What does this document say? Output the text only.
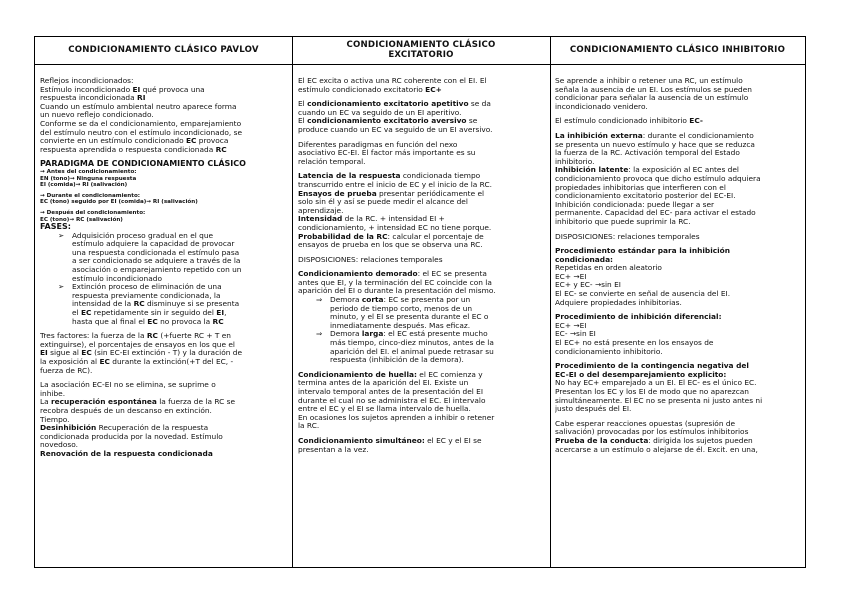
CONDICIONAMIENTO CLÁSICO PAVLOV	CONDICIONAMIENTO CLÁSICO
EXCITATORIO	CONDICIONAMIENTO CLÁSICO INHIBITORIO

Reflejos incondicionados:

Estímulo incondicionado EI qué provoca una

respuesta incondicionada RI

Cuando un estímulo ambiental neutro aparece forma

un nuevo reflejo condicionado.

Conforme se da el condicionamiento, emparejamiento

del estímulo neutro con el estímulo incondicionado, se

convierte en un estímulo condicionado EC provoca

respuesta aprendida o respuesta condicionada RC

PARADIGMA DE CONDICIONAMIENTO CLÁSICO

→ Antes del condicionamiento:

EN (tono)→ Ninguna respuesta

EI (comida)→ RI (salivación)

→ Durante el condicionamiento:

EC (tono) seguido por EI (comida)→ RI (salivación)

→ Después del condicionamiento:

EC (tono)→ RC (salivación)

FASES:

➢ Adquisición proceso gradual en el que

estímulo adquiere la capacidad de provocar

una respuesta condicionada el estímulo pasa

a ser condicionado se adquiere a través de la

asociación o emparejamiento repetido con un

estímulo incondicionado

➢ Extinción proceso de eliminación de una

respuesta previamente condicionada, la

intensidad de la RC disminuye si se presenta

el EC repetidamente sin ir seguido del EI,

hasta que al final el EC no provoca la RC

Tres factores: la fuerza de la RC (+fuerte RC + T en

extinguirse), el porcentajes de ensayos en los que el

EI sigue al EC (sin EC-EI extinción - T) y la duración de

la exposición al EC durante la extinción(+T del EC, -

fuerza de RC).

La asociación EC-EI no se elimina, se suprime o

inhibe.

La recuperación espontánea la fuerza de la RC se

recobra después de un descanso en extinción.

Tiempo.

Desinhibición Recuperación de la respuesta

condicionada producida por la novedad. Estímulo

novedoso.

Renovación de la respuesta condicionada

El EC excita o activa una RC coherente con el EI. El

estímulo condicionado excitatorio EC+

El condicionamiento excitatorio apetitivo se da

cuando un EC va seguido de un EI aperitivo.

El condicionamiento excitatorio aversivo se

produce cuando un EC va seguido de un EI aversivo.

Diferentes paradigmas en función del nexo

asociativo EC-EI. El factor más importante es su

relación temporal.

Latencia de la respuesta condicionada tiempo

transcurrido entre el inicio de EC y el inicio de la RC.

Ensayos de prueba presentar periódicamente el

solo sin él y así se puede medir el alcance del

aprendizaje.

Intensidad de la RC. + intensidad EI +

condicionamiento, + intensidad EC no tiene porque.

Probabilidad de la RC: calcular el porcentaje de

ensayos de prueba en los que se observa una RC.

DISPOSICIONES: relaciones temporales

Condicionamiento demorado: el EC se presenta

antes que EI, y la terminación del EC coincide con la

aparición del EI o durante la presentación del mismo.

⇒ Demora corta: EC se presenta por un

periodo de tiempo corto, menos de un

minuto, y el EI se presenta durante el EC o

inmediatamente después. Mas eficaz.

⇒ Demora larga: el EC está presente mucho

más tiempo, cinco-diez minutos, antes de la

aparición del EI. el animal puede retrasar su

respuesta (inhibición de la demora).

Condicionamiento de huella: el EC comienza y

termina antes de la aparición del EI. Existe un

intervalo temporal antes de la presentación del EI

durante el cual no se administra el EC. El intervalo

entre el EC y el EI se llama intervalo de huella.

En ocasiones los sujetos aprenden a inhibir o retener

la RC.

Condicionamiento simultáneo: el EC y el EI se

presentan a la vez.

Se aprende a inhibir o retener una RC, un estímulo

señala la ausencia de un EI. Los estímulos se pueden

condicionar para señalar la ausencia de un estímulo

incondicionado venidero.

El estímulo condicionado inhibitorio EC-

La inhibición externa: durante el condicionamiento

se presenta un nuevo estímulo y hace que se reduzca

la fuerza de la RC. Activación temporal del Estado

inhibitorio.

Inhibición latente: la exposición al EC antes del

condicionamiento provoca que dicho estímulo adquiera

propiedades inhibitorias que interfieren con el

condicionamiento excitatorio posterior del EC-EI.

Inhibición condicionada: puede llegar a ser

permanente. Capacidad del EC- para activar el estado

inhibitorio que puede suprimir la RC.

DISPOSICIONES: relaciones temporales

Procedimiento estándar para la inhibición

condicionada:

Repetidas en orden aleatorio

EC+ →EI

EC+ y EC- →sin EI

El EC- se convierte en señal de ausencia del EI.

Adquiere propiedades inhibitorias.

Procedimiento de inhibición diferencial:

EC+ →EI

EC- →sin EI

El EC+ no está presente en los ensayos de

condicionamiento inhibitorio.

Procedimiento de la contingencia negativa del

EC-EI o del desemparejamiento explicito:

No hay EC+ emparejado a un EI. El EC- es el único EC.

Presentan los EC y los EI de modo que no aparezcan

simultáneamente. El EC no se presenta ni justo antes ni

justo después del EI.

Cabe esperar reacciones opuestas (supresión de

salivación) provocadas por los estímulos inhibitorios

Prueba de la conducta: dirigida los sujetos pueden

acercarse a un estímulo o alejarse de él. Excit. en una,
